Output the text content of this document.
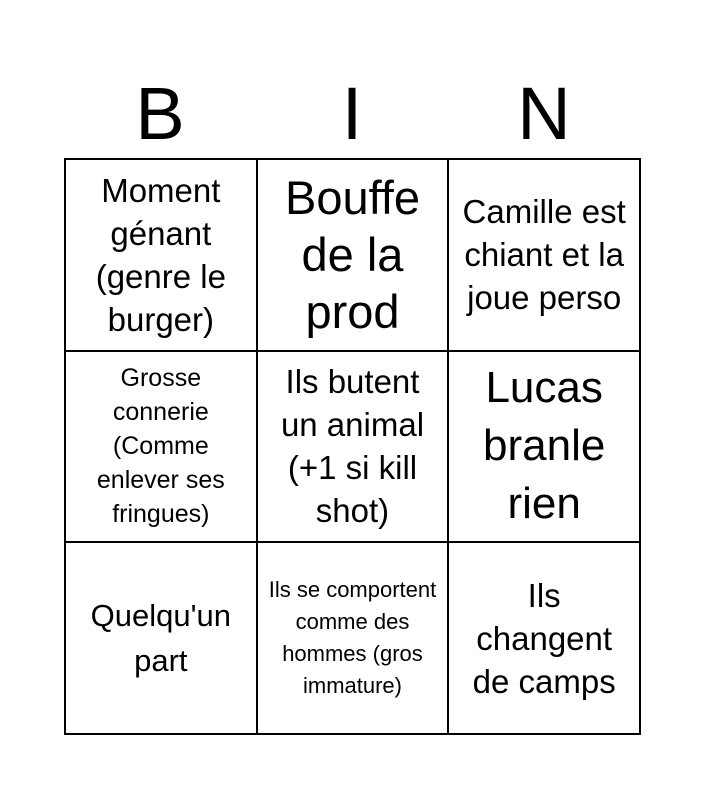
B	I	N
Moment génant (genre le burger)
Bouffe de la prod
Camille est chiant et la joue perso
Grosse connerie (Comme enlever ses fringues)
Ils butent un animal (+1 si kill shot)
Lucas branle rien
Quelqu'un part
Ils se comportent comme des hommes (gros immature)
Ils changent de camps
